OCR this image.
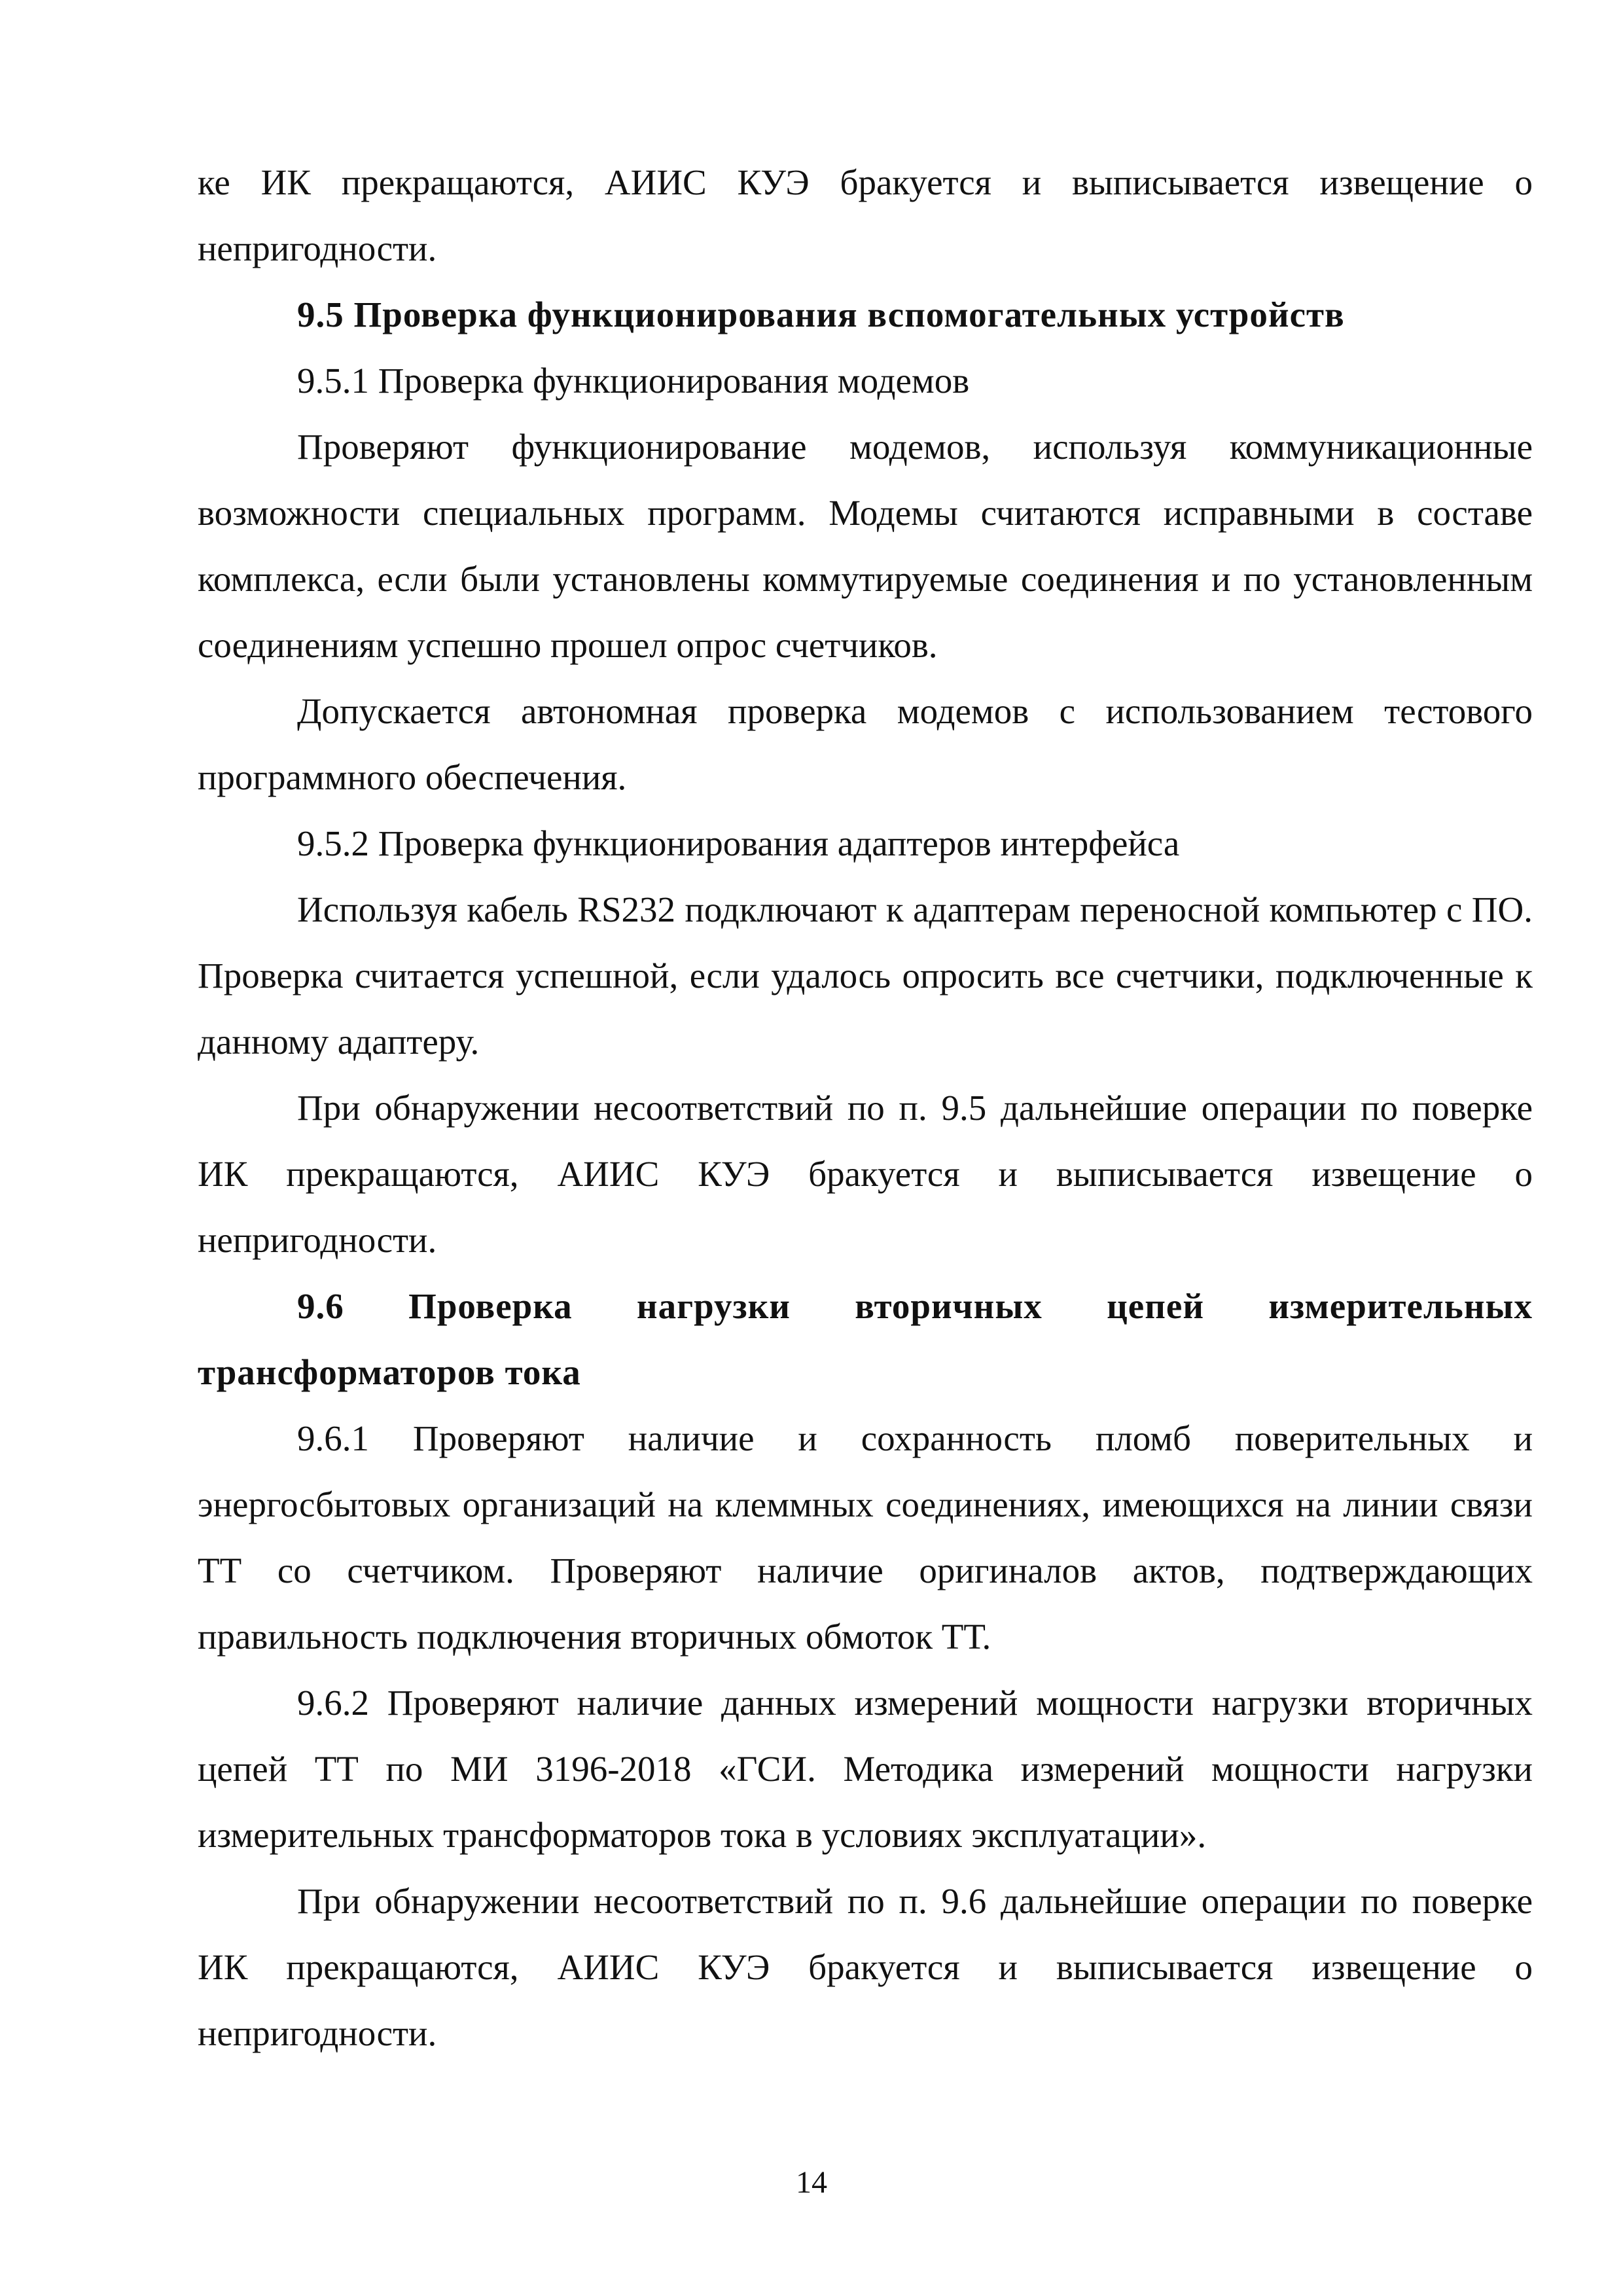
ке ИК прекращаются, АИИС КУЭ бракуется и выписывается извещение о непригодности.

9.5 Проверка функционирования вспомогательных устройств

9.5.1 Проверка функционирования модемов

Проверяют функционирование модемов, используя коммуникационные возможности специальных программ. Модемы считаются исправными в составе комплекса, если были установлены коммутируемые соединения и по установленным соединениям успешно прошел опрос счетчиков.

Допускается автономная проверка модемов с использованием тестового программного обеспечения.

9.5.2 Проверка функционирования адаптеров интерфейса

Используя кабель RS232 подключают к адаптерам переносной компьютер с ПО. Проверка считается успешной, если удалось опросить все счетчики, подключенные к данному адаптеру.

При обнаружении несоответствий по п. 9.5 дальнейшие операции по поверке ИК прекращаются, АИИС КУЭ бракуется и выписывается извещение о непригодности.

9.6 Проверка нагрузки вторичных цепей измерительных трансформаторов тока

9.6.1 Проверяют наличие и сохранность пломб поверительных и энергосбытовых организаций на клеммных соединениях, имеющихся на линии связи ТТ со счетчиком. Проверяют наличие оригиналов актов, подтверждающих правильность подключения вторичных обмоток ТТ.

9.6.2 Проверяют наличие данных измерений мощности нагрузки вторичных цепей ТТ по МИ 3196-2018 «ГСИ. Методика измерений мощности нагрузки измерительных трансформаторов тока в условиях эксплуатации».

При обнаружении несоответствий по п. 9.6 дальнейшие операции по поверке ИК прекращаются, АИИС КУЭ бракуется и выписывается извещение о непригодности.

14
